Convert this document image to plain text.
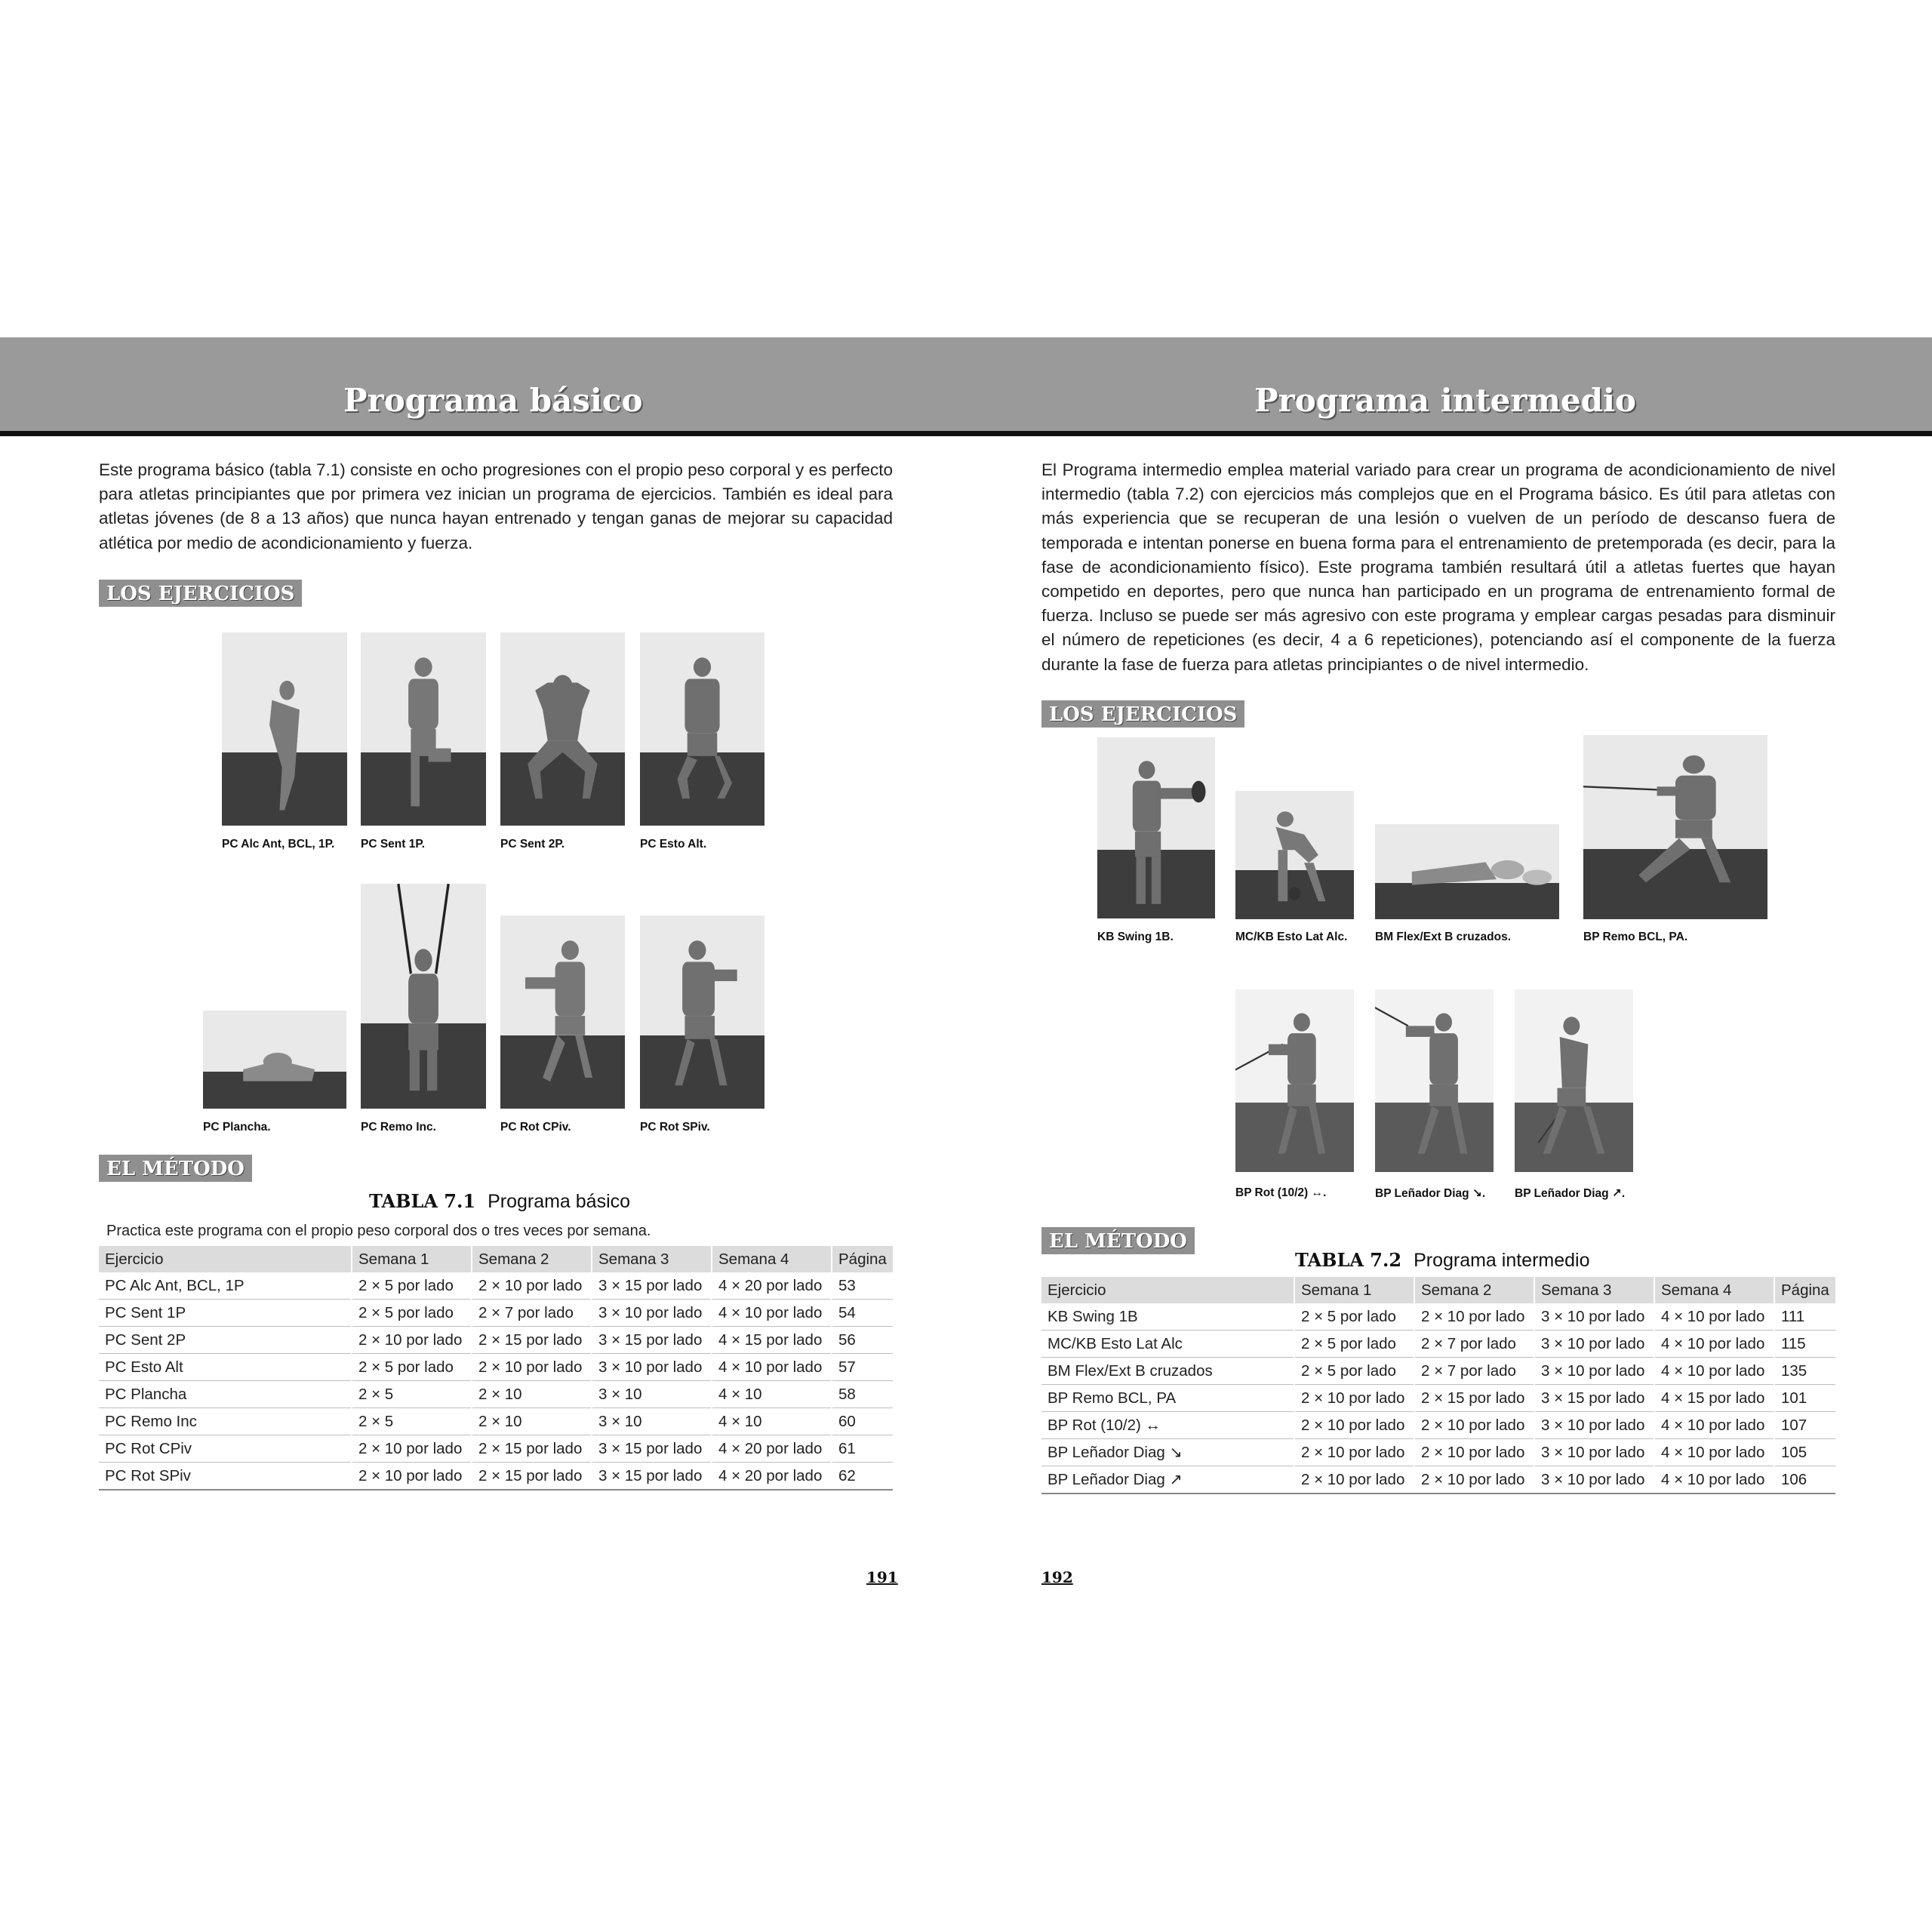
Programa básico	Programa intermedio

Este programa básico (tabla 7.1) consiste en ocho progresiones con el propio peso corporal y es perfecto para atletas principiantes que por primera vez inician un programa de ejercicios. También es ideal para atletas jóvenes (de 8 a 13 años) que nunca hayan entrenado y tengan ganas de mejorar su capacidad atlética por medio de acondicionamiento y fuerza.

El Programa intermedio emplea material variado para crear un programa de acondicionamiento de nivel intermedio (tabla 7.2) con ejercicios más complejos que en el Programa básico. Es útil para atletas con más experiencia que se recuperan de una lesión o vuelven de un período de descanso fuera de temporada e intentan ponerse en buena forma para el entrenamiento de pretemporada (es decir, para la fase de acondicionamiento físico). Este programa también resultará útil a atletas fuertes que hayan competido en deportes, pero que nunca han participado en un programa de entrenamiento formal de fuerza. Incluso se puede ser más agresivo con este programa y emplear cargas pesadas para disminuir el número de repeticiones (es decir, 4 a 6 repeticiones), potenciando así el componente de la fuerza durante la fase de fuerza para atletas principiantes o de nivel intermedio.

LOS EJERCICIOS
EL MÉTODO
LOS EJERCICIOS
EL MÉTODO
PC Alc Ant, BCL, 1P. PC Sent 1P.	PC Sent 2P.	PC Esto Alt.
PC Plancha.	PC Remo Inc.	PC Rot CPiv.	PC Rot SPiv.
KB Swing 1B.	MC/KB Esto Lat Alc. BM Flex/Ext B cruzados.	BP Remo BCL, PA.
BP Rot (10/2) ↔.	BP Leñador Diag ↘.	BP Leñador Diag ↗.
TABLA 7.1 Programa básico
Practica este programa con el propio peso corporal dos o tres veces por semana.
Ejercicio	Semana 1	Semana 2	Semana 3	Semana 4	Página
PC Alc Ant, BCL, 1P	2 × 5 por lado	2 × 10 por lado	3 × 15 por lado	4 × 20 por lado	53
PC Sent 1P	2 × 5 por lado	2 × 7 por lado	3 × 10 por lado	4 × 10 por lado	54
PC Sent 2P	2 × 10 por lado	2 × 15 por lado	3 × 15 por lado	4 × 15 por lado	56
PC Esto Alt	2 × 5 por lado	2 × 10 por lado	3 × 10 por lado	4 × 10 por lado	57
PC Plancha	2 × 5	2 × 10	3 × 10	4 × 10	58
PC Remo Inc	2 × 5	2 × 10	3 × 10	4 × 10	60
PC Rot CPiv	2 × 10 por lado	2 × 15 por lado	3 × 15 por lado	4 × 20 por lado	61
PC Rot SPiv	2 × 10 por lado	2 × 15 por lado	3 × 15 por lado	4 × 20 por lado	62
TABLA 7.2 Programa intermedio
Ejercicio	Semana 1	Semana 2	Semana 3	Semana 4	Página
KB Swing 1B	2 × 5 por lado	2 × 10 por lado	3 × 10 por lado	4 × 10 por lado	111
MC/KB Esto Lat Alc	2 × 5 por lado	2 × 7 por lado	3 × 10 por lado	4 × 10 por lado	115
BM Flex/Ext B cruzados	2 × 5 por lado	2 × 7 por lado	3 × 10 por lado	4 × 10 por lado	135
BP Remo BCL, PA	2 × 10 por lado	2 × 15 por lado	3 × 15 por lado	4 × 15 por lado	101
BP Rot (10/2) ↔	2 × 10 por lado	2 × 10 por lado	3 × 10 por lado	4 × 10 por lado	107
BP Leñador Diag ↘	2 × 10 por lado	2 × 10 por lado	3 × 10 por lado	4 × 10 por lado	105
BP Leñador Diag ↗	2 × 10 por lado	2 × 10 por lado	3 × 10 por lado	4 × 10 por lado	106
191	192
